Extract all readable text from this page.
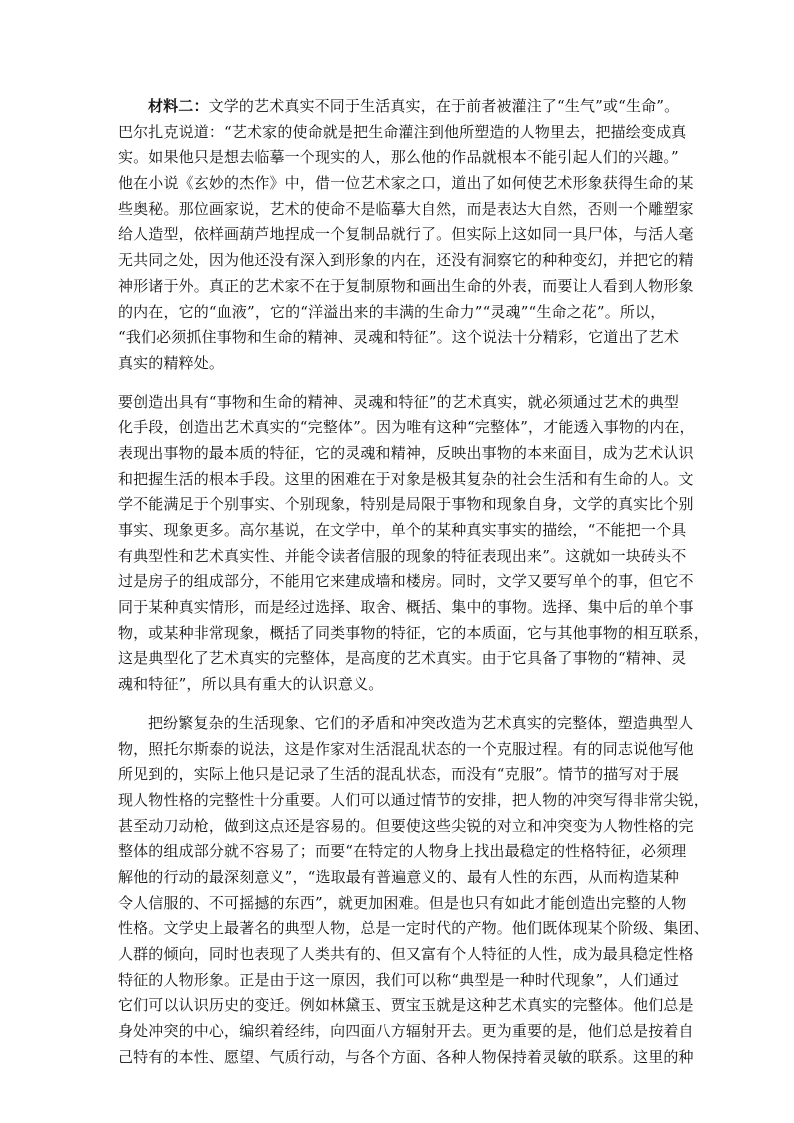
材料二：文学的艺术真实不同于生活真实，在于前者被灌注了“生气”或“生命”。
巴尔扎克说道：“艺术家的使命就是把生命灌注到他所塑造的人物里去，把描绘变成真
实。如果他只是想去临摹一个现实的人，那么他的作品就根本不能引起人们的兴趣。”
他在小说《玄妙的杰作》中，借一位艺术家之口，道出了如何使艺术形象获得生命的某
些奥秘。那位画家说，艺术的使命不是临摹大自然，而是表达大自然，否则一个雕塑家
给人造型，依样画葫芦地捏成一个复制品就行了。但实际上这如同一具尸体，与活人毫
无共同之处，因为他还没有深入到形象的内在，还没有洞察它的种种变幻，并把它的精
神形诸于外。真正的艺术家不在于复制原物和画出生命的外表，而要让人看到人物形象
的内在，它的“血液”，它的“洋溢出来的丰满的生命力”“灵魂”“生命之花”。所以，
“我们必须抓住事物和生命的精神、灵魂和特征”。这个说法十分精彩，它道出了艺术
真实的精粹处。
要创造出具有“事物和生命的精神、灵魂和特征”的艺术真实，就必须通过艺术的典型
化手段，创造出艺术真实的“完整体”。因为唯有这种“完整体”，才能透入事物的内在，
表现出事物的最本质的特征，它的灵魂和精神，反映出事物的本来面目，成为艺术认识
和把握生活的根本手段。这里的困难在于对象是极其复杂的社会生活和有生命的人。文
学不能满足于个别事实、个别现象，特别是局限于事物和现象自身，文学的真实比个别
事实、现象更多。高尔基说，在文学中，单个的某种真实事实的描绘，“不能把一个具
有典型性和艺术真实性、并能令读者信服的现象的特征表现出来”。这就如一块砖头不
过是房子的组成部分，不能用它来建成墙和楼房。同时，文学又要写单个的事，但它不
同于某种真实情形，而是经过选择、取舍、概括、集中的事物。选择、集中后的单个事
物，或某种非常现象，概括了同类事物的特征，它的本质面，它与其他事物的相互联系，
这是典型化了艺术真实的完整体，是高度的艺术真实。由于它具备了事物的“精神、灵
魂和特征”，所以具有重大的认识意义。
把纷繁复杂的生活现象、它们的矛盾和冲突改造为艺术真实的完整体，塑造典型人
物，照托尔斯泰的说法，这是作家对生活混乱状态的一个克服过程。有的同志说他写他
所见到的，实际上他只是记录了生活的混乱状态，而没有“克服”。情节的描写对于展
现人物性格的完整性十分重要。人们可以通过情节的安排，把人物的冲突写得非常尖锐，
甚至动刀动枪，做到这点还是容易的。但要使这些尖锐的对立和冲突变为人物性格的完
整体的组成部分就不容易了；而要“在特定的人物身上找出最稳定的性格特征，必须理
解他的行动的最深刻意义”，“选取最有普遍意义的、最有人性的东西，从而构造某种
令人信服的、不可摇撼的东西”，就更加困难。但是也只有如此才能创造出完整的人物
性格。文学史上最著名的典型人物，总是一定时代的产物。他们既体现某个阶级、集团、
人群的倾向，同时也表现了人类共有的、但又富有个人特征的人性，成为最具稳定性格
特征的人物形象。正是由于这一原因，我们可以称“典型是一种时代现象”，人们通过
它们可以认识历史的变迁。例如林黛玉、贾宝玉就是这种艺术真实的完整体。他们总是
身处冲突的中心，编织着经纬，向四面八方辐射开去。更为重要的是，他们总是按着自
己特有的本性、愿望、气质行动，与各个方面、各种人物保持着灵敏的联系。这里的种
